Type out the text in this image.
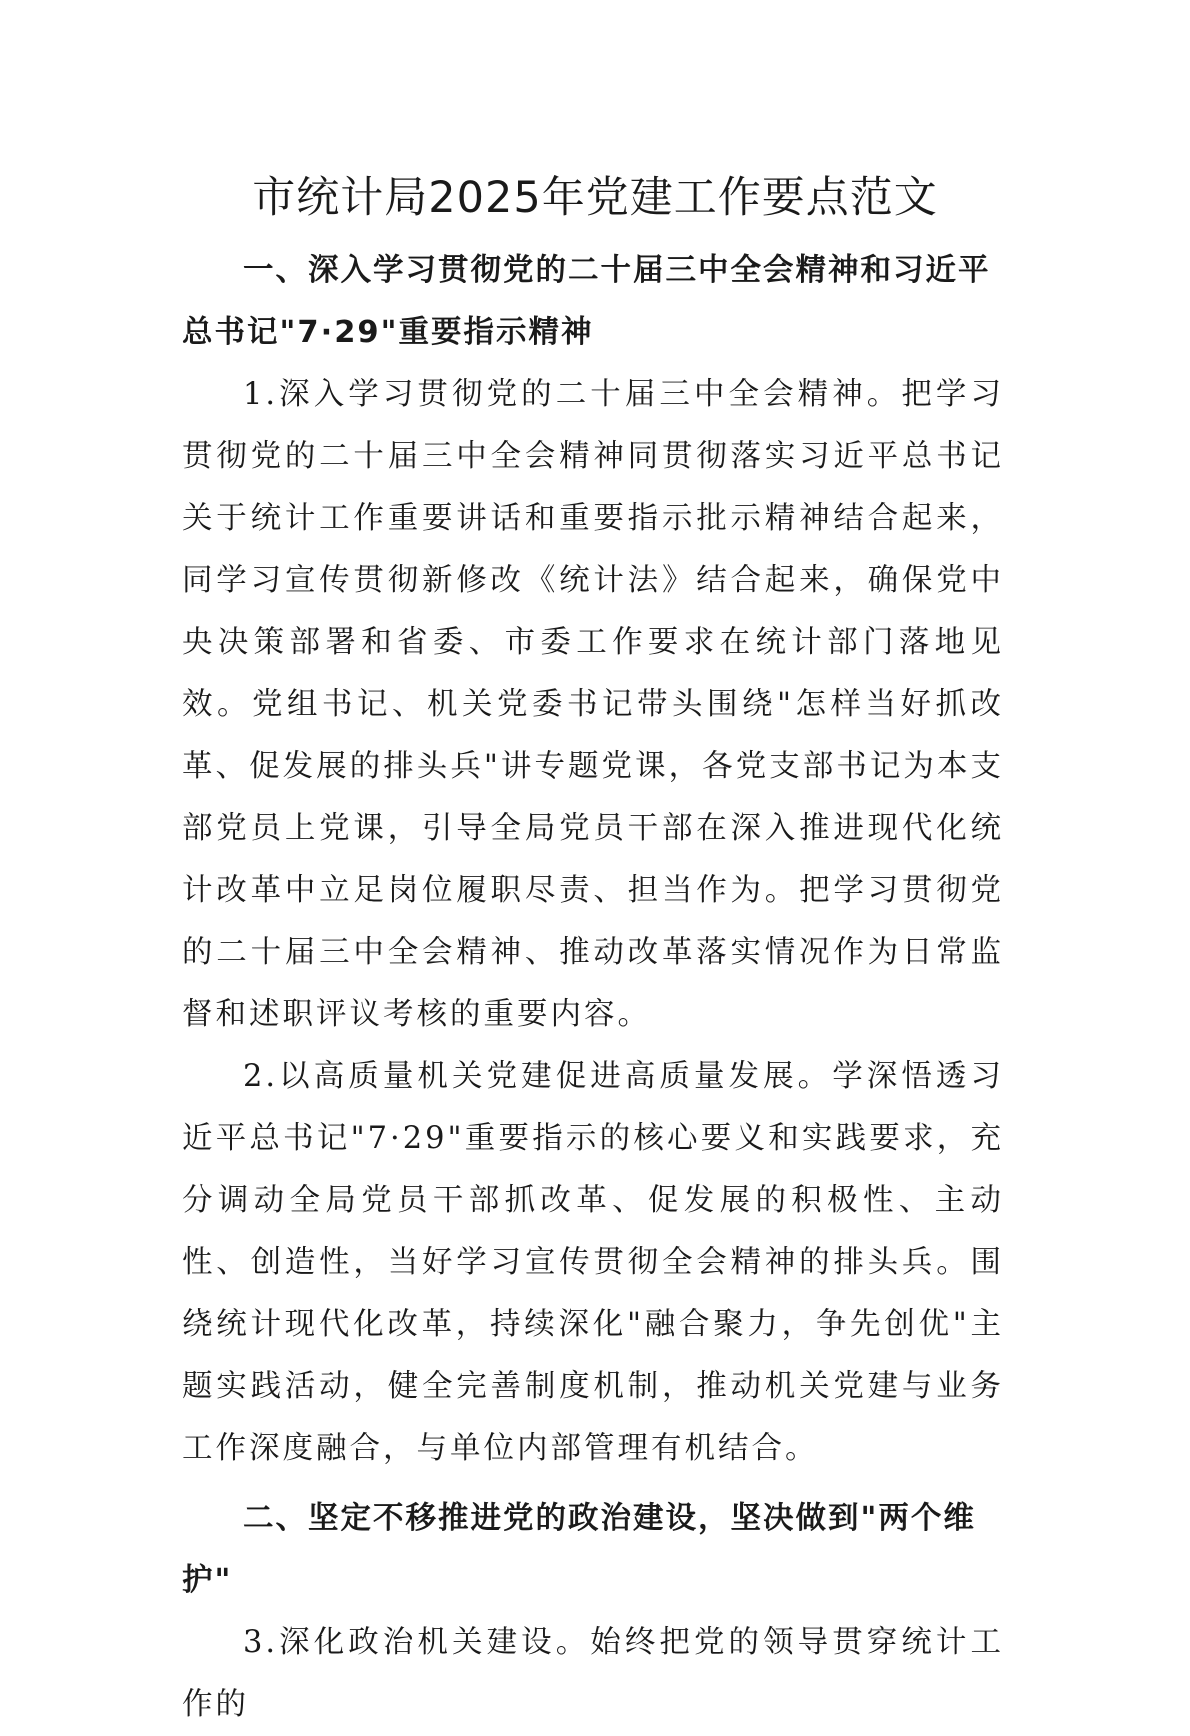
市统计局2025年党建工作要点范文

一、深入学习贯彻党的二十届三中全会精神和习近平总书记"7·29"重要指示精神

1.深入学习贯彻党的二十届三中全会精神。把学习贯彻党的二十届三中全会精神同贯彻落实习近平总书记关于统计工作重要讲话和重要指示批示精神结合起来，同学习宣传贯彻新修改《统计法》结合起来，确保党中央决策部署和省委、市委工作要求在统计部门落地见效。党组书记、机关党委书记带头围绕"怎样当好抓改革、促发展的排头兵"讲专题党课，各党支部书记为本支部党员上党课，引导全局党员干部在深入推进现代化统计改革中立足岗位履职尽责、担当作为。把学习贯彻党的二十届三中全会精神、推动改革落实情况作为日常监督和述职评议考核的重要内容。

2.以高质量机关党建促进高质量发展。学深悟透习近平总书记"7·29"重要指示的核心要义和实践要求，充分调动全局党员干部抓改革、促发展的积极性、主动性、创造性，当好学习宣传贯彻全会精神的排头兵。围绕统计现代化改革，持续深化"融合聚力，争先创优"主题实践活动，健全完善制度机制，推动机关党建与业务工作深度融合，与单位内部管理有机结合。

二、坚定不移推进党的政治建设，坚决做到"两个维护"

3.深化政治机关建设。始终把党的领导贯穿统计工作的
